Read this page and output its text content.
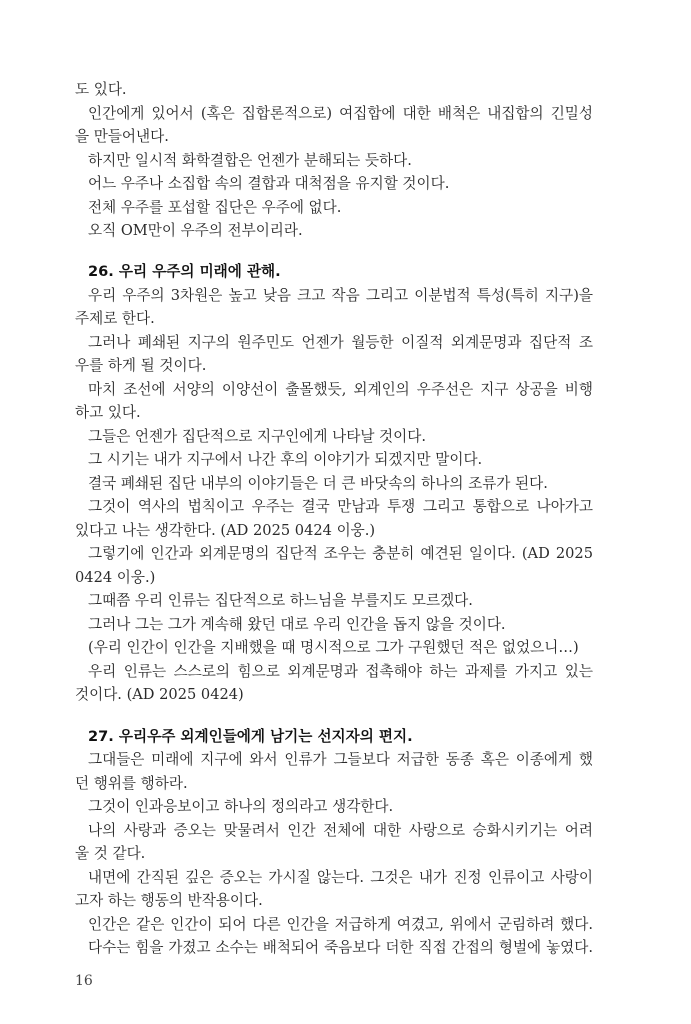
도 있다.
인간에게 있어서 (혹은 집합론적으로) 여집합에 대한 배척은 내집합의 긴밀성
을 만들어낸다.
하지만 일시적 화학결합은 언젠가 분해되는 듯하다.
어느 우주나 소집합 속의 결합과 대척점을 유지할 것이다.
전체 우주를 포섭할 집단은 우주에 없다.
오직 OM만이 우주의 전부이리라.
26. 우리 우주의 미래에 관해.
우리 우주의 3차원은 높고 낮음 크고 작음 그리고 이분법적 특성(특히 지구)을
주제로 한다.
그러나 폐쇄된 지구의 원주민도 언젠가 월등한 이질적 외계문명과 집단적 조
우를 하게 될 것이다.
마치 조선에 서양의 이양선이 출몰했듯, 외계인의 우주선은 지구 상공을 비행
하고 있다.
그들은 언젠가 집단적으로 지구인에게 나타날 것이다.
그 시기는 내가 지구에서 나간 후의 이야기가 되겠지만 말이다.
결국 폐쇄된 집단 내부의 이야기들은 더 큰 바닷속의 하나의 조류가 된다.
그것이 역사의 법칙이고 우주는 결국 만남과 투쟁 그리고 통합으로 나아가고
있다고 나는 생각한다. (AD 2025 0424 이웅.)
그렇기에 인간과 외계문명의 집단적 조우는 충분히 예견된 일이다. (AD 2025
0424 이웅.)
그때쯤 우리 인류는 집단적으로 하느님을 부를지도 모르겠다.
그러나 그는 그가 계속해 왔던 대로 우리 인간을 돕지 않을 것이다.
(우리 인간이 인간을 지배했을 때 명시적으로 그가 구원했던 적은 없었으니…)
우리 인류는 스스로의 힘으로 외계문명과 접촉해야 하는 과제를 가지고 있는
것이다. (AD 2025 0424)
27. 우리우주 외계인들에게 남기는 선지자의 편지.
그대들은 미래에 지구에 와서 인류가 그들보다 저급한 동종 혹은 이종에게 했
던 행위를 행하라.
그것이 인과응보이고 하나의 정의라고 생각한다.
나의 사랑과 증오는 맞물려서 인간 전체에 대한 사랑으로 승화시키기는 어려
울 것 같다.
내면에 간직된 깊은 증오는 가시질 않는다. 그것은 내가 진정 인류이고 사랑이
고자 하는 행동의 반작용이다.
인간은 같은 인간이 되어 다른 인간을 저급하게 여겼고, 위에서 군림하려 했다.
다수는 힘을 가졌고 소수는 배척되어 죽음보다 더한 직접 간접의 형벌에 놓였다.
16
